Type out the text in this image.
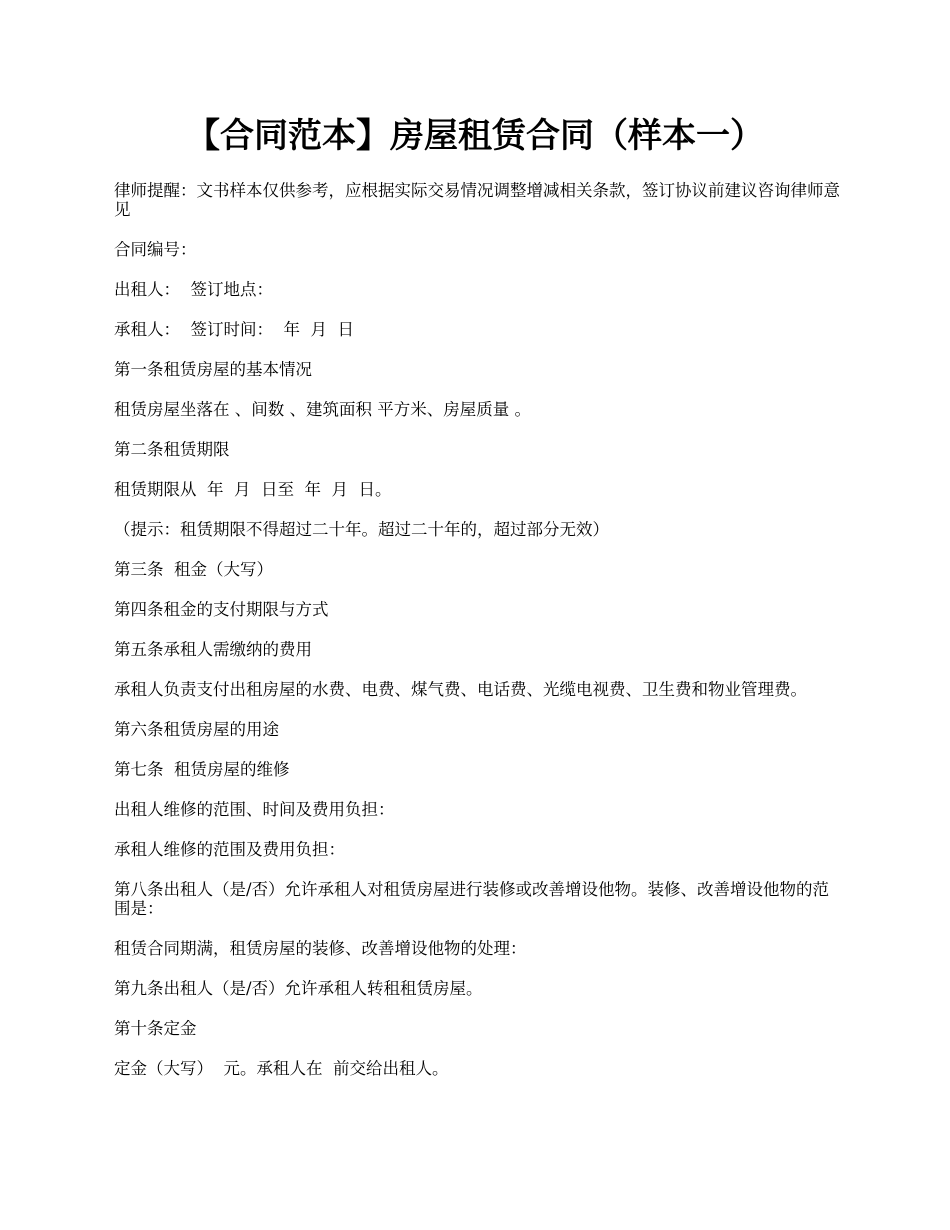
【合同范本】房屋租赁合同（样本一）

律师提醒：文书样本仅供参考，应根据实际交易情况调整增减相关条款，签订协议前建议咨询律师意见

合同编号：

出租人：  签订地点：

承租人：  签订时间：  年  月  日

第一条租赁房屋的基本情况

租赁房屋坐落在 、间数 、建筑面积 平方米、房屋质量 。

第二条租赁期限

租赁期限从  年  月  日至  年  月  日。

（提示：租赁期限不得超过二十年。超过二十年的，超过部分无效）

第三条  租金（大写）

第四条租金的支付期限与方式

第五条承租人需缴纳的费用

承租人负责支付出租房屋的水费、电费、煤气费、电话费、光缆电视费、卫生费和物业管理费。

第六条租赁房屋的用途

第七条  租赁房屋的维修

出租人维修的范围、时间及费用负担：

承租人维修的范围及费用负担：

第八条出租人（是/否）允许承租人对租赁房屋进行装修或改善增设他物。装修、改善增设他物的范围是：

租赁合同期满，租赁房屋的装修、改善增设他物的处理：

第九条出租人（是/否）允许承租人转租租赁房屋。

第十条定金

定金（大写）  元。承租人在  前交给出租人。
